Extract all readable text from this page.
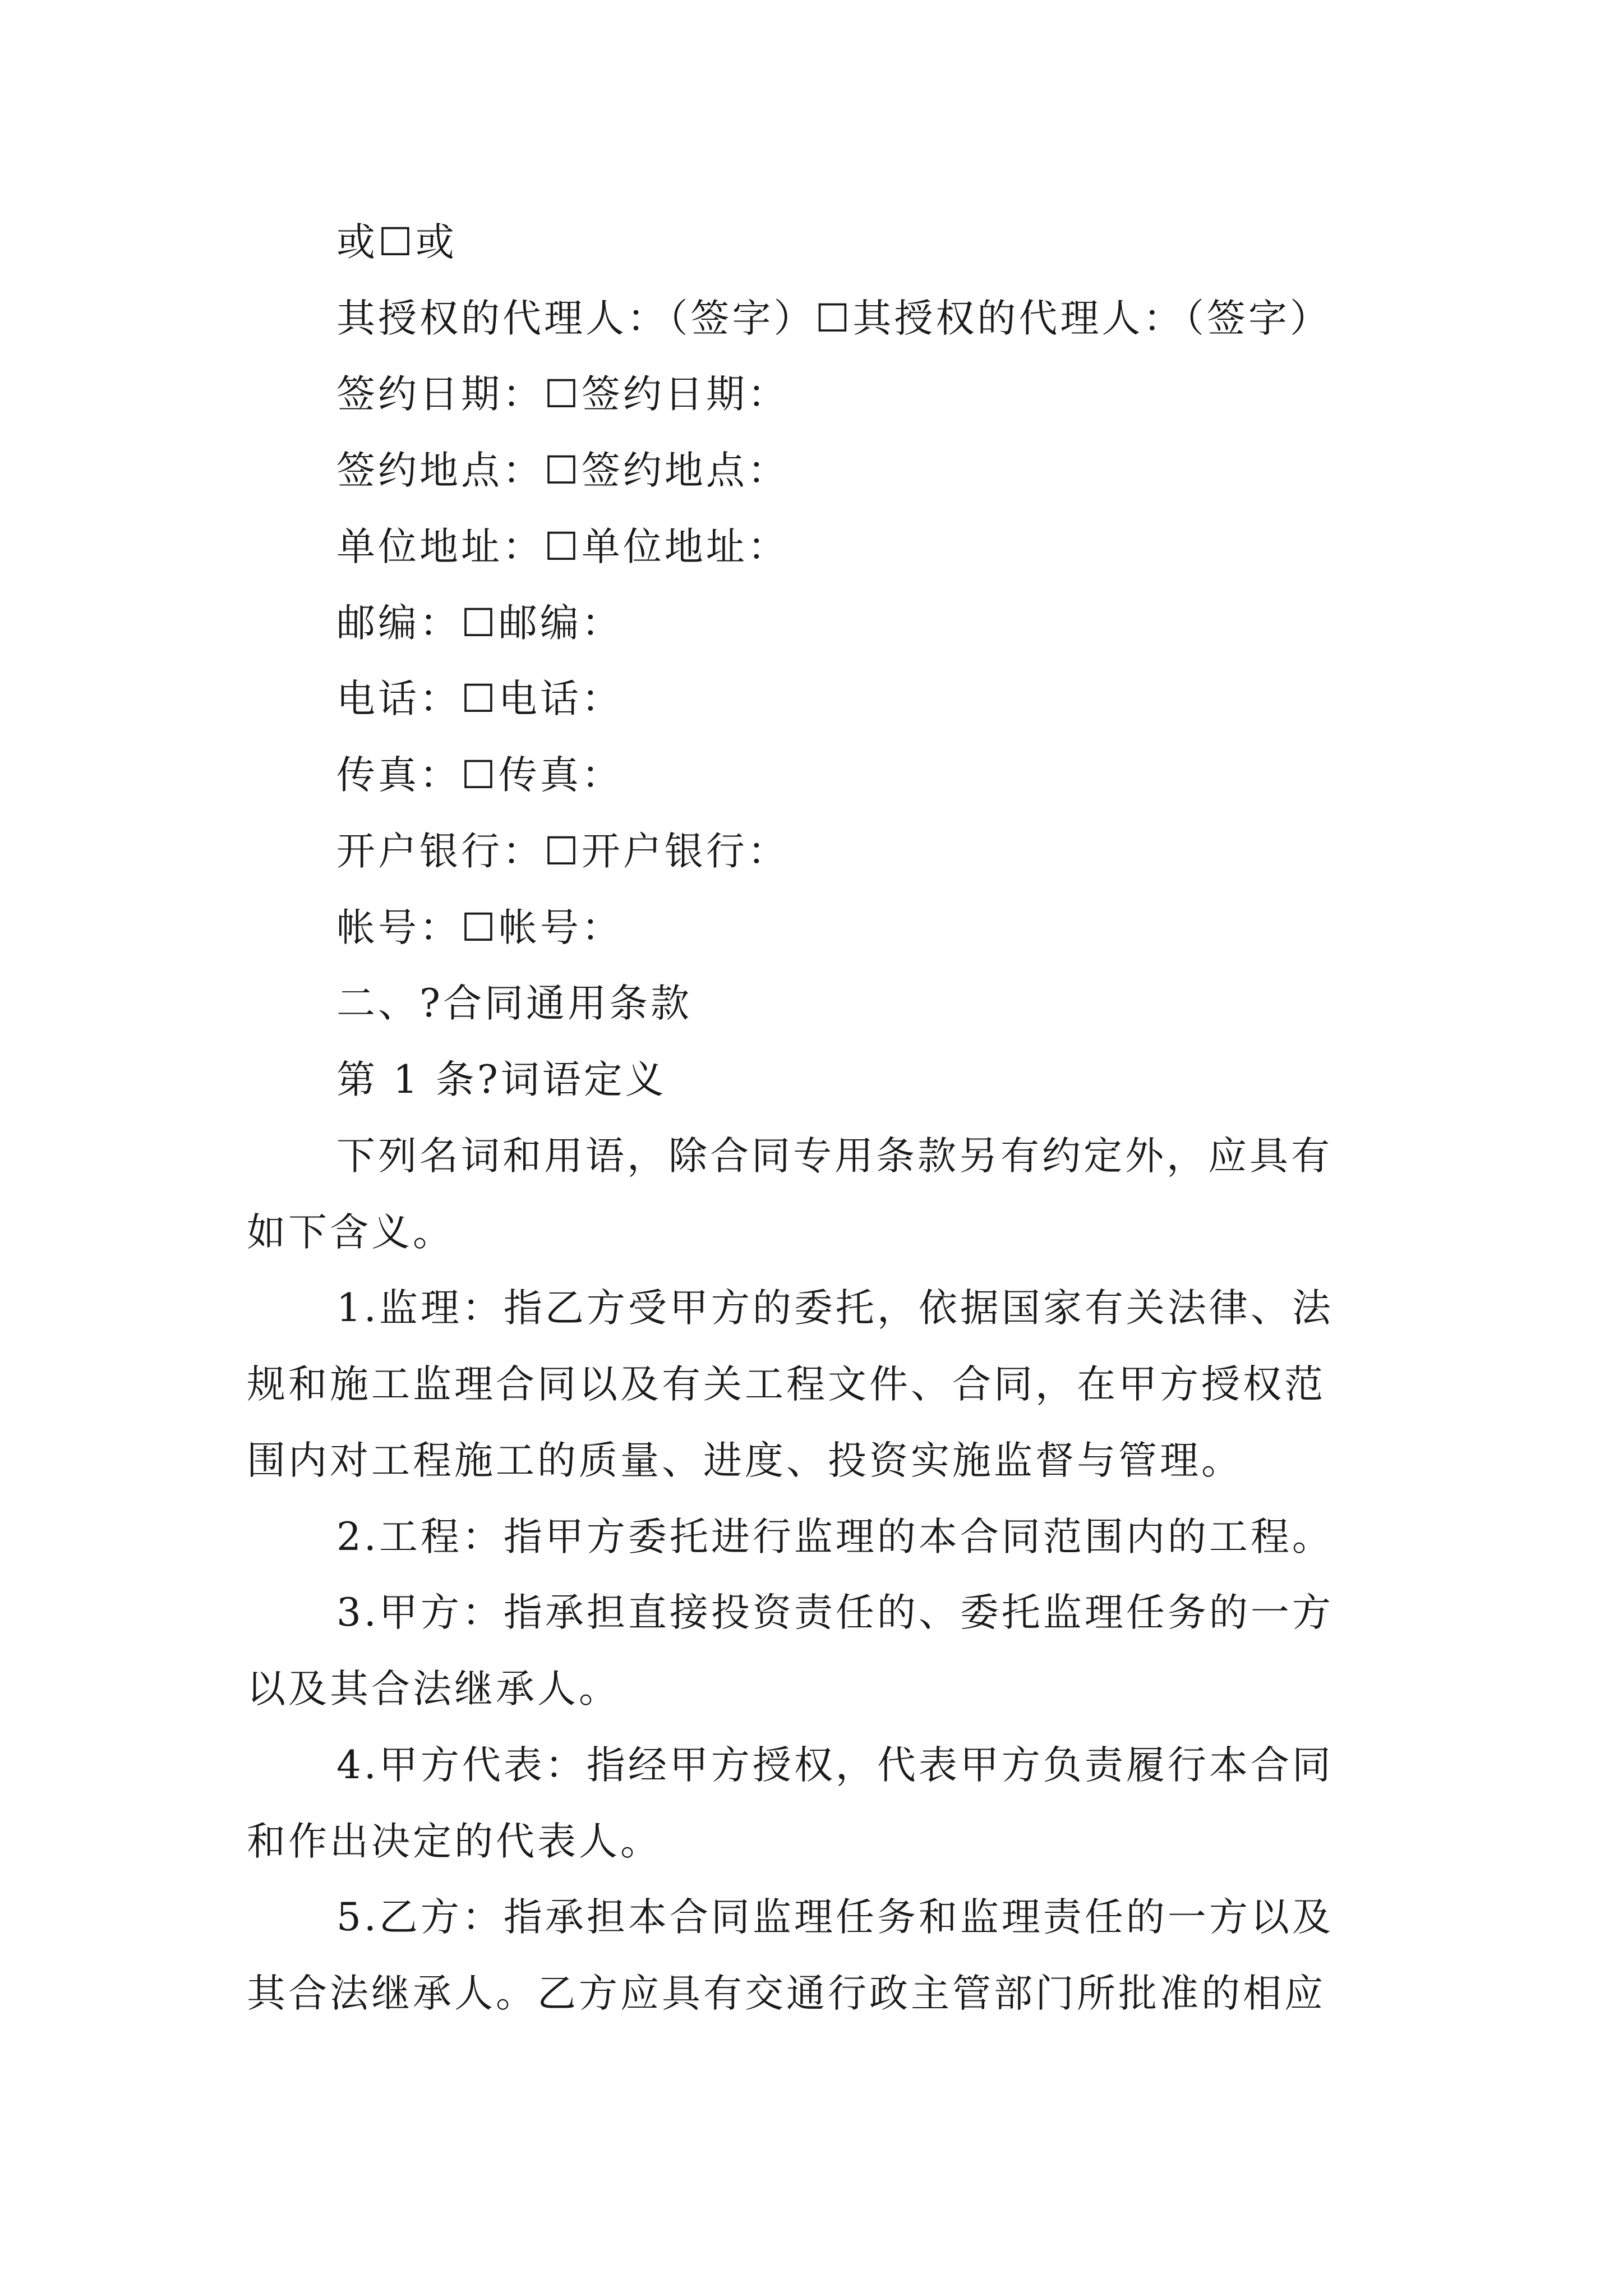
或☐或
其授权的代理人：（签字）☐其授权的代理人：（签字）
签约日期：☐签约日期：
签约地点：☐签约地点：
单位地址：☐单位地址：
邮编：☐邮编：
电话：☐电话：
传真：☐传真：
开户银行：☐开户银行：
帐号：☐帐号：
二、?合同通用条款
第 1 条?词语定义
下列名词和用语，除合同专用条款另有约定外，应具有
如下含义。
1.监理：指乙方受甲方的委托，依据国家有关法律、法
规和施工监理合同以及有关工程文件、合同，在甲方授权范
围内对工程施工的质量、进度、投资实施监督与管理。
2.工程：指甲方委托进行监理的本合同范围内的工程。
3.甲方：指承担直接投资责任的、委托监理任务的一方
以及其合法继承人。
4.甲方代表：指经甲方授权，代表甲方负责履行本合同
和作出决定的代表人。
5.乙方：指承担本合同监理任务和监理责任的一方以及
其合法继承人。乙方应具有交通行政主管部门所批准的相应
